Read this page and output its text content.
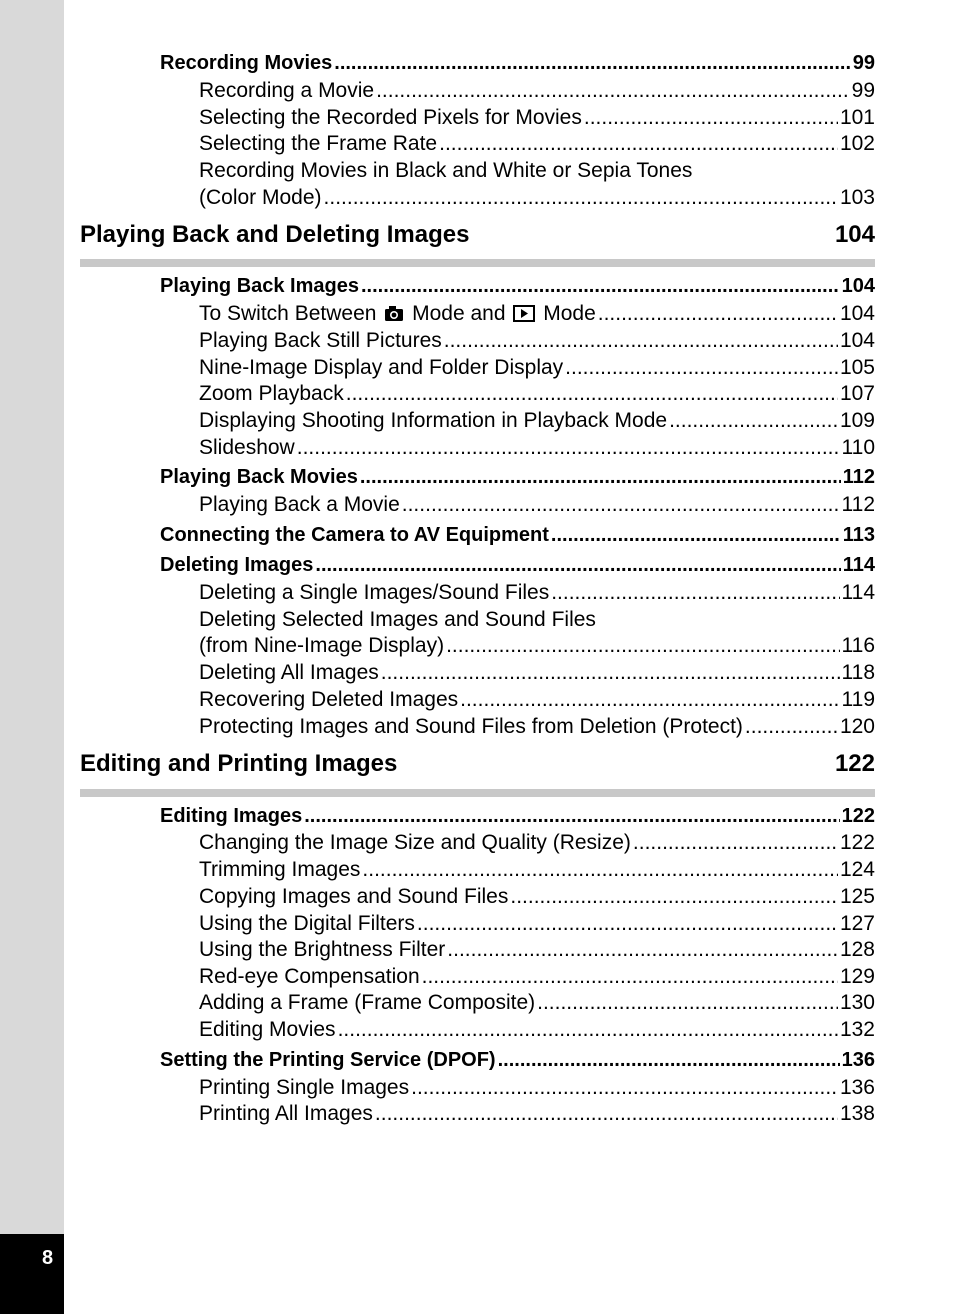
8
Recording Movies .....	99
Recording a Movie .....	99
Selecting the Recorded Pixels for Movies .....	101
Selecting the Frame Rate .....	102
Recording Movies in Black and White or Sepia Tones
(Color Mode) .....	103
Playing Back and Deleting Images	104
Playing Back Images .....	104
To Switch Between Mode and Mode .....	104
Playing Back Still Pictures .....	104
Nine-Image Display and Folder Display .....	105
Zoom Playback .....	107
Displaying Shooting Information in Playback Mode .....	109
Slideshow .....	110
Playing Back Movies .....	112
Playing Back a Movie .....	112
Connecting the Camera to AV Equipment .....	113
Deleting Images .....	114
Deleting a Single Images/Sound Files .....	114
Deleting Selected Images and Sound Files
(from Nine-Image Display) .....	116
Deleting All Images .....	118
Recovering Deleted Images .....	119
Protecting Images and Sound Files from Deletion (Protect) .....	120
Editing and Printing Images	122
Editing Images .....	122
Changing the Image Size and Quality (Resize) .....	122
Trimming Images .....	124
Copying Images and Sound Files .....	125
Using the Digital Filters .....	127
Using the Brightness Filter .....	128
Red-eye Compensation .....	129
Adding a Frame (Frame Composite) .....	130
Editing Movies .....	132
Setting the Printing Service (DPOF) .....	136
Printing Single Images .....	136
Printing All Images .....	138
